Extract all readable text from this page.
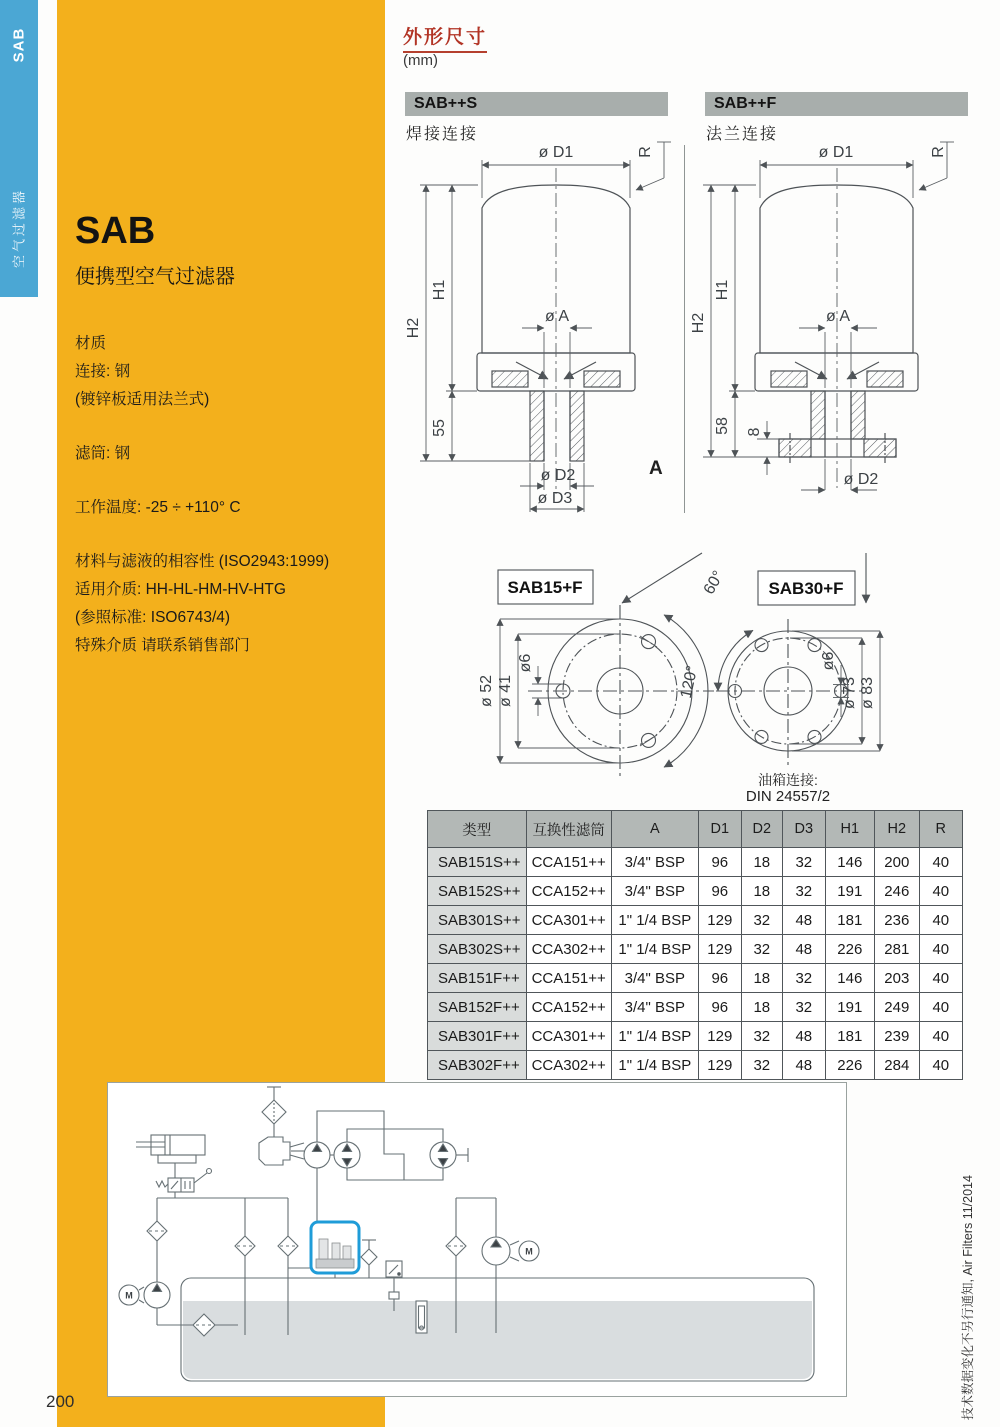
SAB
空气过滤器 SAB
便携型空气过滤器
材质
连接: 钢
(镀锌板适用法兰式)
滤筒: 钢
工作温度: -25 ÷ +110° C
材料与滤液的相容性 (ISO2943:1999)
适用介质: HH-HL-HM-HV-HTG
(参照标准: ISO6743/4)
特殊介质 请联系销售部门
外形尺寸
(mm)
SAB++S
焊接连接
SAB++F
法兰连接
ø D1	R
H2
H1
55
ø A
ø D2
ø D3
A
ø D1	R
H2
H1
58 8
ø A
ø D2
SAB15+F	SAB30+F
ø 52 ø 41
ø6
120°
60°
ø6
ø 73 ø 83
油箱连接:
DIN 24557/2
类型	互换性滤筒	A	D1	D2	D3	H1	H2	R
SAB151S++	CCA151++	3/4" BSP	96	18	32	146	200	40
SAB152S++	CCA152++	3/4" BSP	96	18	32	191	246	40
SAB301S++	CCA301++	1" 1/4 BSP	129	32	48	181	236	40
SAB302S++	CCA302++	1" 1/4 BSP	129	32	48	226	281	40
SAB151F++	CCA151++	3/4" BSP	96	18	32	146	203	40
SAB152F++	CCA152++	3/4" BSP	96	18	32	191	249	40
SAB301F++	CCA301++	1" 1/4 BSP	129	32	48	181	239	40
SAB302F++	CCA302++	1" 1/4 BSP	129	32	48	226	284	40
M
M
200	技术数据变化不另行通知, Air Filters 11/2014
